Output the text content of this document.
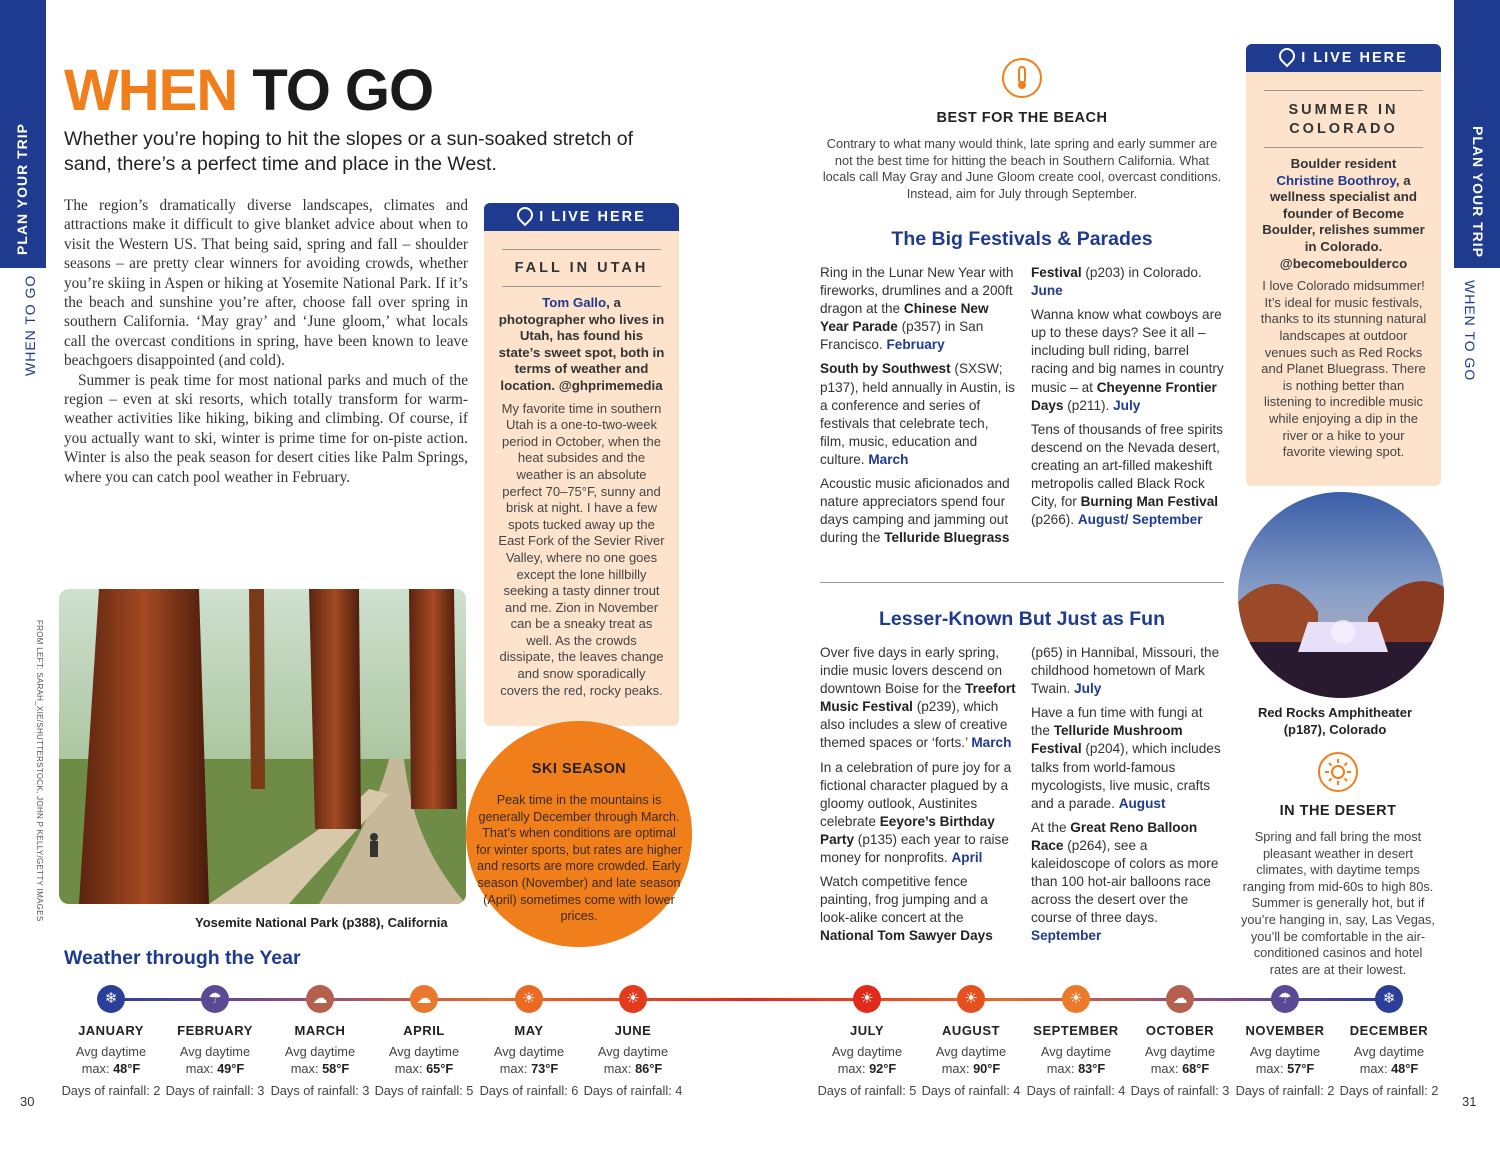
PLAN YOUR TRIP
WHEN TO GO
PLAN YOUR TRIP
WHEN TO GO
30	31
WHEN TO GO
Whether you’re hoping to hit the slopes or a sun-soaked stretch of sand, there’s a perfect time and place in the West.

The region’s dramatically diverse landscapes, climates and attractions make it difficult to give blanket advice about when to visit the Western US. That being said, spring and fall – shoulder seasons – are pretty clear winners for avoiding crowds, whether you’re skiing in Aspen or hiking at Yosemite National Park. If it’s the beach and sunshine you’re after, choose fall over spring in southern California. ‘May gray’ and ‘June gloom,’ what locals call the overcast conditions in spring, have been known to leave beachgoers disappointed (and cold).

Summer is peak time for most national parks and much of the region – even at ski resorts, which totally transform for warm-weather activities like hiking, biking and climbing. Of course, if you actually want to ski, winter is prime time for on-piste action. Winter is also the peak season for desert cities like Palm Springs, where you can catch pool weather in February.

I LIVE HERE
FALL IN UTAH
Tom Gallo, a photographer who lives in Utah, has found his state’s sweet spot, both in terms of weather and location. @ghprimemedia
My favorite time in southern Utah is a one-to-two-week period in October, when the heat subsides and the weather is an absolute perfect 70–75°F, sunny and brisk at night. I have a few spots tucked away up the East Fork of the Sevier River Valley, where no one goes except the lone hillbilly seeking a tasty dinner trout and me. Zion in November can be a sneaky treat as well. As the crowds dissipate, the leaves change and snow sporadically covers the red, rocky peaks.
FROM LEFT: SARAH_XIE/SHUTTERSTOCK, JOHN P KELLY/GETTY IMAGES
Yosemite National Park (p388), California
SKI SEASON
Peak time in the mountains is generally December through March. That’s when conditions are optimal for winter sports, but rates are higher and resorts are more crowded. Early season (November) and late season (April) sometimes come with lower prices.
Weather through the Year
BEST FOR THE BEACH
Contrary to what many would think, late spring and early summer are not the best time for hitting the beach in Southern California. What locals call May Gray and June Gloom create cool, overcast conditions. Instead, aim for July through September.
The Big Festivals & Parades

Ring in the Lunar New Year with fireworks, drumlines and a 200ft dragon at the Chinese New Year Parade (p357) in San Francisco. February

South by Southwest (SXSW; p137), held annually in Austin, is a conference and series of festivals that celebrate tech, film, music, education and culture. March

Acoustic music aficionados and nature appreciators spend four days camping and jamming out during the Telluride Bluegrass

Festival (p203) in Colorado. June

Wanna know what cowboys are up to these days? See it all – including bull riding, barrel racing and big names in country music – at Cheyenne Frontier Days (p211). July

Tens of thousands of free spirits descend on the Nevada desert, creating an art-filled makeshift metropolis called Black Rock City, for Burning Man Festival (p266). August/ September

Lesser-Known But Just as Fun

Over five days in early spring, indie music lovers descend on downtown Boise for the Treefort Music Festival (p239), which also includes a slew of creative themed spaces or ‘forts.’ March

In a celebration of pure joy for a fictional character plagued by a gloomy outlook, Austinites celebrate Eeyore’s Birthday Party (p135) each year to raise money for nonprofits. April

Watch competitive fence painting, frog jumping and a look-alike concert at the National Tom Sawyer Days

(p65) in Hannibal, Missouri, the childhood hometown of Mark Twain. July

Have a fun time with fungi at the Telluride Mushroom Festival (p204), which includes talks from world-famous mycologists, live music, crafts and a parade. August

At the Great Reno Balloon Race (p264), see a kaleidoscope of colors as more than 100 hot-air balloons race across the desert over the course of three days. September

I LIVE HERE
SUMMER IN COLORADO
Boulder resident
Christine Boothroy, a wellness specialist and founder of Become Boulder, relishes summer in Colorado. @becomeboulderco
I love Colorado midsummer! It’s ideal for music festivals, thanks to its stunning natural landscapes at outdoor venues such as Red Rocks and Planet Bluegrass. There is nothing better than listening to incredible music while enjoying a dip in the river or a hike to your favorite viewing spot.
Red Rocks Amphitheater (p187), Colorado
IN THE DESERT
Spring and fall bring the most pleasant weather in desert climates, with daytime temps ranging from mid-60s to high 80s. Summer is generally hot, but if you’re hanging in, say, Las Vegas, you’ll be comfortable in the air-conditioned casinos and hotel rates are at their lowest.
❄
JANUARY
Avg daytime max: 48°F
Days of rainfall: 2
☂
FEBRUARY
Avg daytime max: 49°F
Days of rainfall: 3
☁
MARCH
Avg daytime max: 58°F
Days of rainfall: 3
☁
APRIL
Avg daytime max: 65°F
Days of rainfall: 5
☀
MAY
Avg daytime max: 73°F
Days of rainfall: 6
☀
JUNE
Avg daytime max: 86°F
Days of rainfall: 4
☀
JULY
Avg daytime max: 92°F
Days of rainfall: 5
☀
AUGUST
Avg daytime max: 90°F
Days of rainfall: 4
☀
SEPTEMBER
Avg daytime max: 83°F
Days of rainfall: 4
☁
OCTOBER
Avg daytime max: 68°F
Days of rainfall: 3
☂
NOVEMBER
Avg daytime max: 57°F
Days of rainfall: 2
❄
DECEMBER
Avg daytime max: 48°F
Days of rainfall: 2
